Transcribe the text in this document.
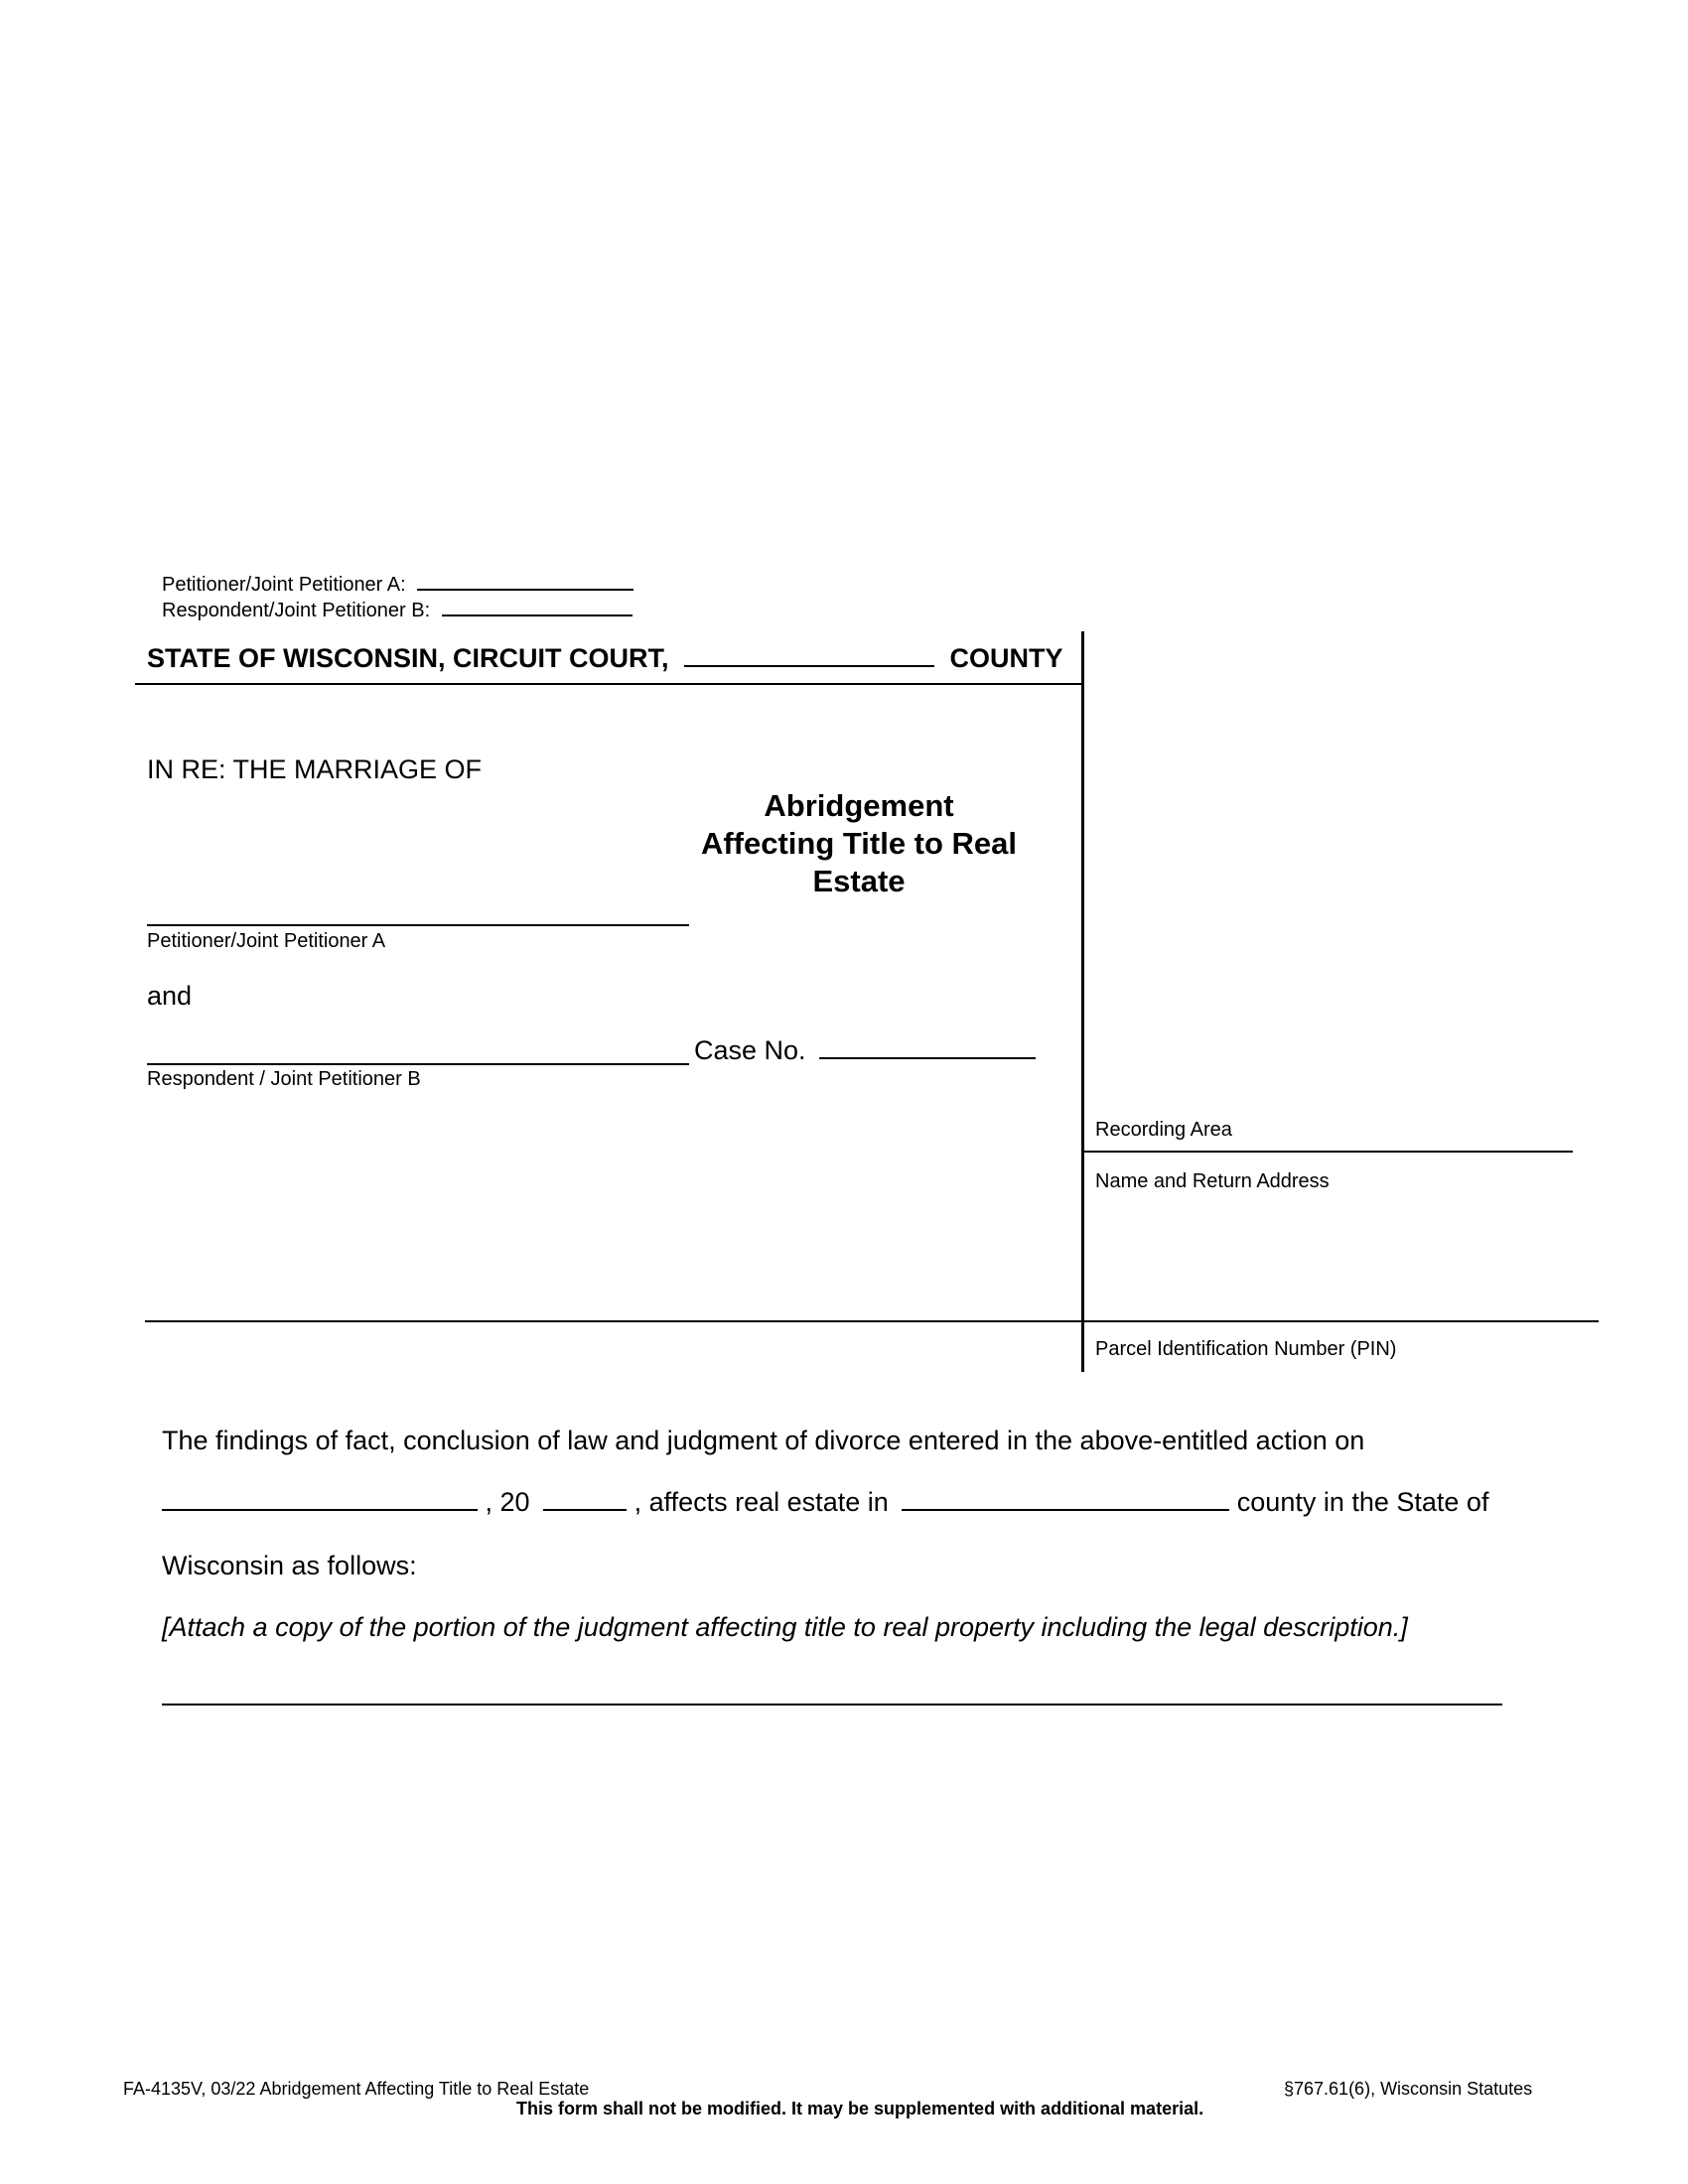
Petitioner/Joint Petitioner A:
Respondent/Joint Petitioner B:
STATE OF WISCONSIN, CIRCUIT COURT,	COUNTY
IN RE: THE MARRIAGE OF
Abridgement
Affecting Title to Real
Estate
Petitioner/Joint Petitioner A
and
Case No.
Respondent / Joint Petitioner B
Recording Area
Name and Return Address
Parcel Identification Number (PIN)
The findings of fact, conclusion of law and judgment of divorce entered in the above-entitled action on
, 20	, affects real estate in	county in the State of
Wisconsin as follows:
[Attach a copy of the portion of the judgment affecting title to real property including the legal description.]
FA-4135V, 03/22 Abridgement Affecting Title to Real Estate	§767.61(6), Wisconsin Statutes
This form shall not be modified. It may be supplemented with additional material.
